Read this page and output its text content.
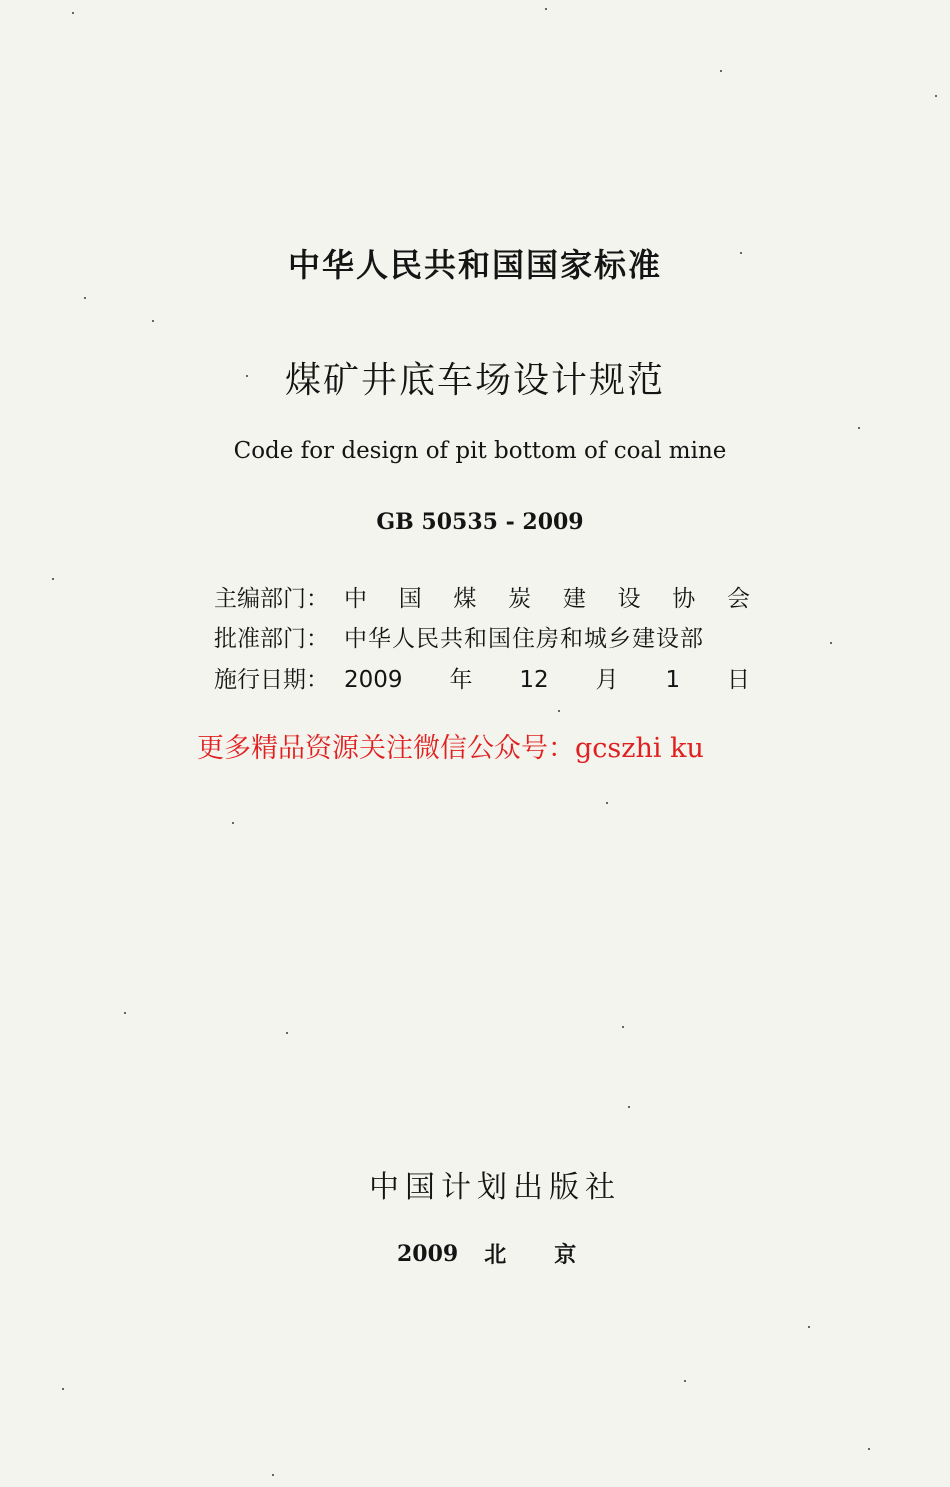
中华人民共和国国家标准
煤矿井底车场设计规范
Code for design of pit bottom of coal mine
GB 50535 - 2009
主编部门： 中国煤炭建设协会
批准部门： 中华人民共和国住房和城乡建设部
施行日期： 2009年12月1日
更多精品资源关注微信公众号：gcszhi ku
中国计划出版社
2009 北京
